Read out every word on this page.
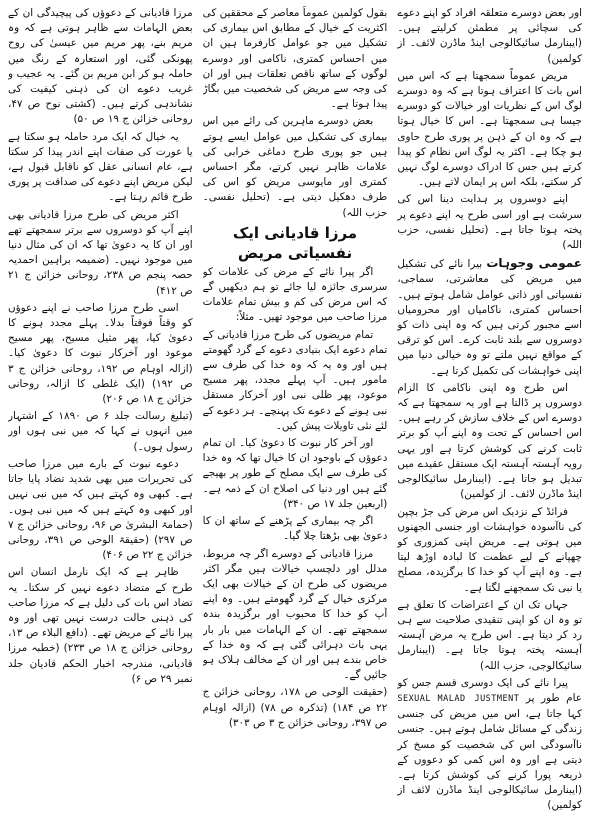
اور بعض دوسرے متعلقہ افراد کو اپنے دعوے کی سچائی پر مطمئن کرلیتے ہیں۔ (ایبنارمل سائیکالوجی اینڈ ماڈرن لائف۔ از کولمین)

مریض عموماً سمجھتا ہے کہ اس میں اس بات کا اعتراف ہوتا ہے کہ وہ دوسرے لوگ اس کے نظریات اور خیالات کو دوسرے جیسا ہی سمجھتا ہے۔ اس کا خیال ہوتا ہے کہ وہ ان کے ذہن پر پوری طرح حاوی ہو چکا ہے۔ اکثر یہ لوگ اس نظام کو پیدا کرتے ہیں جس کا ادراک دوسرے لوگ نہیں کر سکتے، بلکہ اس پر ایمان لاتے ہیں۔

اپنے دوسروں پر ہدایت دینا اس کی سرشت ہے اور اسی طرح یہ اپنے دعوے پر پختہ ہوتا جاتا ہے۔ (تحلیل نفسی، حزب اللہ)

عمومی وجوہات بیرا نائے کی تشکیل میں مریض کی معاشرتی، سماجی، نفسیاتی اور ذاتی عوامل شامل ہوتے ہیں۔ احساس کمتری، ناکامیاں اور محرومیاں اسے مجبور کرتی ہیں کہ وہ اپنی ذات کو دوسروں سے بلند ثابت کرے۔ اس کو ترقی کے مواقع نہیں ملتے تو وہ خیالی دنیا میں اپنی خواہشات کی تکمیل کرتا ہے۔

اس طرح وہ اپنی ناکامی کا الزام دوسروں پر ڈالتا ہے اور یہ سمجھتا ہے کہ دوسرے اس کے خلاف سازش کر رہے ہیں۔ اس احساس کے تحت وہ اپنے آپ کو برتر ثابت کرنے کی کوشش کرتا ہے اور یہی رویہ آہستہ آہستہ ایک مستقل عقیدے میں تبدیل ہو جاتا ہے۔ (ایبنارمل سائیکالوجی اینڈ ماڈرن لائف۔ از کولمین)

فرائڈ کے نزدیک اس مرض کی جڑ بچپن کی ناآسودہ خواہشات اور جنسی الجھنوں میں ہوتی ہے۔ مریض اپنی کمزوری کو چھپانے کے لیے عظمت کا لبادہ اوڑھ لیتا ہے۔ وہ اپنے آپ کو خدا کا برگزیدہ، مصلح یا نبی تک سمجھنے لگتا ہے۔

جہاں تک ان کے اعتراضات کا تعلق ہے تو وہ ان کو اپنی تنقیدی صلاحیت سے ہی رد کر دیتا ہے۔ اس طرح یہ مرض آہستہ آہستہ پختہ ہوتا جاتا ہے۔ (ایبنارمل سائیکالوجی، حزب اللہ)

پیرا نائے کی ایک دوسری قسم جس کو عام طور پر SEXUAL MALAD JUSTMENT کہا جاتا ہے، اس میں مریض کی جنسی زندگی کے مسائل شامل ہوتے ہیں۔ جنسی ناآسودگی اس کی شخصیت کو مسخ کر دیتی ہے اور وہ اس کمی کو دعووں کے ذریعہ پورا کرنے کی کوشش کرتا ہے۔ (ایبنارمل سائیکالوجی اینڈ ماڈرن لائف از کولمین)

بقول کولمین عموماً معاصر کے محققین کی اکثریت کے خیال کے مطابق اس بیماری کی تشکیل میں جو عوامل کارفرما ہیں ان میں احساس کمتری، ناکامی اور دوسرے لوگوں کے ساتھ ناقص تعلقات ہیں اور ان کی وجہ سے مریض کی شخصیت میں بگاڑ پیدا ہوتا ہے۔

بعض دوسرے ماہرین کی رائے میں اس بیماری کی تشکیل میں عوامل ایسے ہوتے ہیں جو پوری طرح دماغی خرابی کی علامات ظاہر نہیں کرتے، مگر احساس کمتری اور مایوسی مریض کو اس کی طرف دھکیل دیتی ہے۔ (تحلیل نفسی۔ حزب اللہ)

مرزا قادیانی ایک نفسیاتی مریض

اگر پیرا نائے کے مرض کی علامات کو سرسری جائزہ لیا جائے تو ہم دیکھیں گے کہ اس مرض کی کم و بیش تمام علامات مرزا صاحب میں موجود تھیں۔ مثلاً:

تمام مریضوں کی طرح مرزا قادیانی کے تمام دعوے ایک بنیادی دعوے کے گرد گھومتے ہیں اور وہ یہ کہ وہ خدا کی طرف سے مامور ہیں۔ آپ پہلے مجدد، پھر مسیح موعود، پھر ظلی نبی اور آخرکار مستقل نبی ہونے کے دعوے تک پہنچے۔ ہر دعوے کے لئے نئی تاویلات پیش کیں۔

اور آخر کار نبوت کا دعویٰ کیا۔ ان تمام دعوؤں کے باوجود ان کا خیال تھا کہ وہ خدا کی طرف سے ایک مصلح کے طور پر بھیجے گئے ہیں اور دنیا کی اصلاح ان کے ذمہ ہے۔ (اربعین جلد ۱۷ ص ۳۴۰)

اگر چہ بیماری کے پڑھنے کے ساتھ ان کا دعویٰ بھی بڑھتا چلا گیا۔

مرزا قادیانی کے دوسرے اگر چہ مربوط، مدلل اور دلچسپ خیالات ہیں مگر اکثر مریضوں کی طرح ان کے خیالات بھی ایک مرکزی خیال کے گرد گھومتے ہیں۔ وہ اپنے آپ کو خدا کا محبوب اور برگزیدہ بندہ سمجھتے تھے۔ ان کے الہامات میں بار بار یہی بات دہرائی گئی ہے کہ وہ خدا کے خاص بندے ہیں اور ان کے مخالف ہلاک ہو جائیں گے۔

(حقیقت الوحی ص ۱۷۸، روحانی خزائن ج ۲۲ ص ۱۸۴) (تذکرہ ص ۷۸) (ازالہ اوہام ص ۳۹۷، روحانی خزائن ج ۳ ص ۳۰۳)

مرزا قادیانی کے دعوؤں کی پیچیدگی ان کے بعض الہامات سے ظاہر ہوتی ہے کہ وہ مریم بنے، پھر مریم میں عیسیٰ کی روح پھونکی گئی، اور استعارہ کے رنگ میں حاملہ ہو کر ابن مریم بن گئے۔ یہ عجیب و غریب دعوے ان کی ذہنی کیفیت کی نشاندہی کرتے ہیں۔ (کشتی نوح ص ۴۷، روحانی خزائن ج ۱۹ ص ۵۰)

یہ خیال کہ ایک مرد حاملہ ہو سکتا ہے یا عورت کی صفات اپنے اندر پیدا کر سکتا ہے، عام انسانی عقل کو ناقابل قبول ہے، لیکن مریض اپنے دعوے کی صداقت پر پوری طرح قائم رہتا ہے۔

اکثر مریض کی طرح مرزا قادیانی بھی اپنے آپ کو دوسروں سے برتر سمجھتے تھے اور ان کا یہ دعویٰ تھا کہ ان کی مثال دنیا میں موجود نہیں۔ (ضمیمہ براہین احمدیہ حصہ پنجم ص ۲۳۸، روحانی خزائن ج ۲۱ ص ۴۱۲)

اسی طرح مرزا صاحب نے اپنے دعوؤں کو وقتاً فوقتاً بدلا۔ پہلے مجدد ہونے کا دعویٰ کیا، پھر مثیل مسیح، پھر مسیح موعود اور آخرکار نبوت کا دعویٰ کیا۔ (ازالہ اوہام ص ۱۹۲، روحانی خزائن ج ۳ ص ۱۹۲) (ایک غلطی کا ازالہ، روحانی خزائن ج ۱۸ ص ۲۰۶)

(تبلیغ رسالت جلد ۶ ص ۱۸۹۰ کے اشتہار میں انہوں نے کہا کہ میں نبی ہوں اور رسول ہوں۔)

دعوے نبوت کے بارے میں مرزا صاحب کی تحریرات میں بھی شدید تضاد پایا جاتا ہے۔ کبھی وہ کہتے ہیں کہ میں نبی نہیں اور کبھی وہ کہتے ہیں کہ میں نبی ہوں۔ (حمامۃ البشریٰ ص ۹۶، روحانی خزائن ج ۷ ص ۲۹۷) (حقیقۃ الوحی ص ۳۹۱، روحانی خزائن ج ۲۲ ص ۴۰۶)

ظاہر ہے کہ ایک نارمل انسان اس طرح کے متضاد دعوے نہیں کر سکتا۔ یہ تضاد اس بات کی دلیل ہے کہ مرزا صاحب کی ذہنی حالت درست نہیں تھی اور وہ پیرا نائے کے مریض تھے۔ (دافع البلاء ص ۱۳، روحانی خزائن ج ۱۸ ص ۲۳۳) (خطبہ مرزا قادیانی، مندرجہ اخبار الحکم قادیان جلد نمبر ۲۹ ص ۶)
